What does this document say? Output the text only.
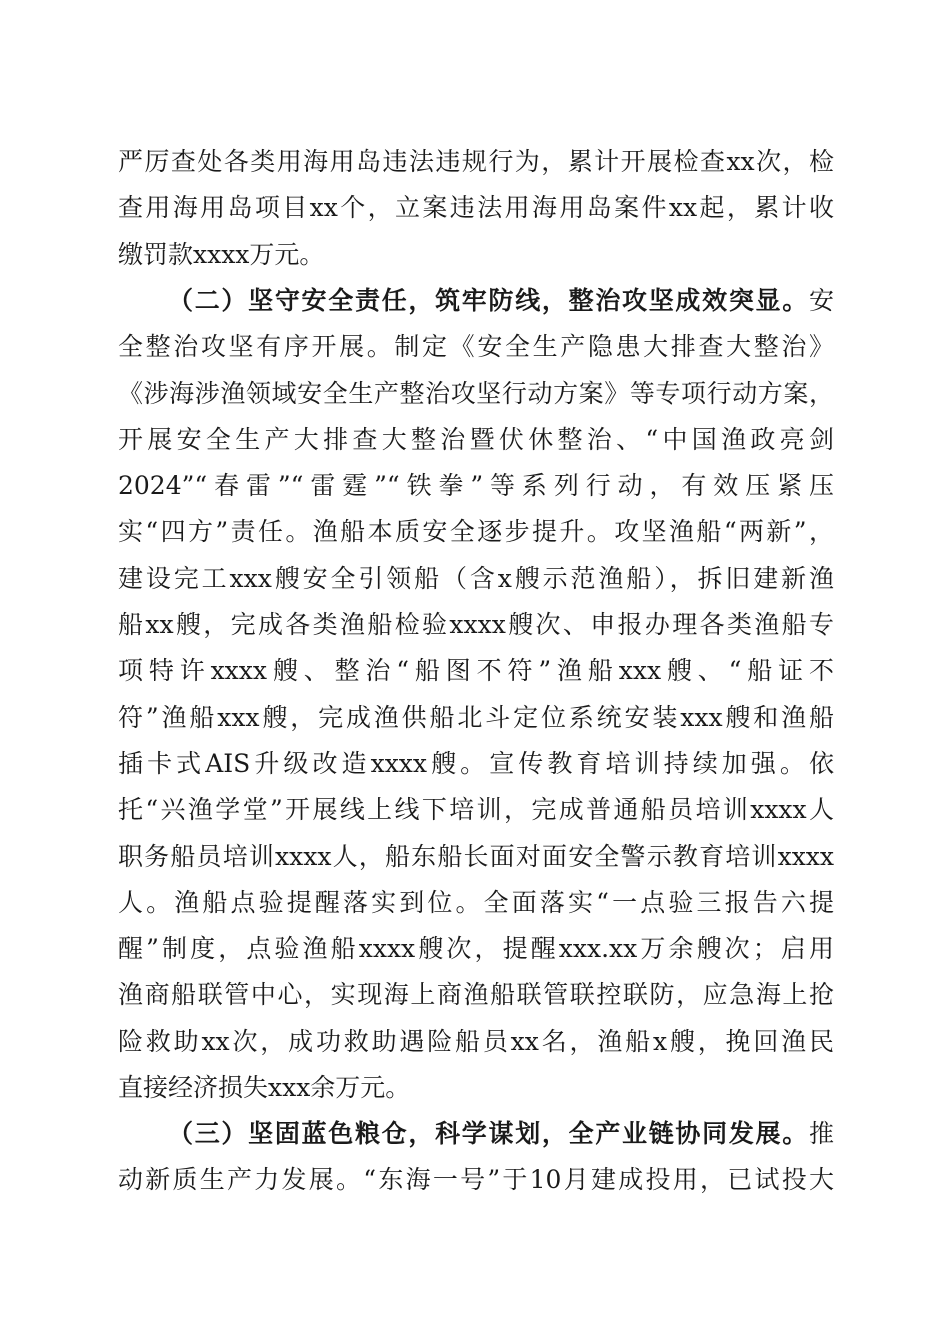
严厉查处各类用海用岛违法违规行为，累计开展检查xx次，检
查用海用岛项目xx个，立案违法用海用岛案件xx起，累计收
缴罚款xxxx万元。
（二）坚守安全责任，筑牢防线，整治攻坚成效突显。安
全整治攻坚有序开展。制定《安全生产隐患大排查大整治》
《涉海涉渔领域安全生产整治攻坚行动方案》等专项行动方案，
开展安全生产大排查大整治暨伏休整治、“中国渔政亮剑
2024”“春雷”“雷霆”“铁拳”等系列行动，有效压紧压
实“四方”责任。渔船本质安全逐步提升。攻坚渔船“两新”，
建设完工xxx艘安全引领船（含x艘示范渔船），拆旧建新渔
船xx艘，完成各类渔船检验xxxx艘次、申报办理各类渔船专
项特许xxxx艘、整治“船图不符”渔船xxx艘、“船证不
符”渔船xxx艘，完成渔供船北斗定位系统安装xxx艘和渔船
插卡式AIS升级改造xxxx艘。宣传教育培训持续加强。依
托“兴渔学堂”开展线上线下培训，完成普通船员培训xxxx人
职务船员培训xxxx人，船东船长面对面安全警示教育培训xxxx
人。渔船点验提醒落实到位。全面落实“一点验三报告六提
醒”制度，点验渔船xxxx艘次，提醒xxx.xx万余艘次；启用
渔商船联管中心，实现海上商渔船联管联控联防，应急海上抢
险救助xx次，成功救助遇险船员xx名，渔船x艘，挽回渔民
直接经济损失xxx余万元。
（三）坚固蓝色粮仓，科学谋划，全产业链协同发展。推
动新质生产力发展。“东海一号”于10月建成投用，已试投大
